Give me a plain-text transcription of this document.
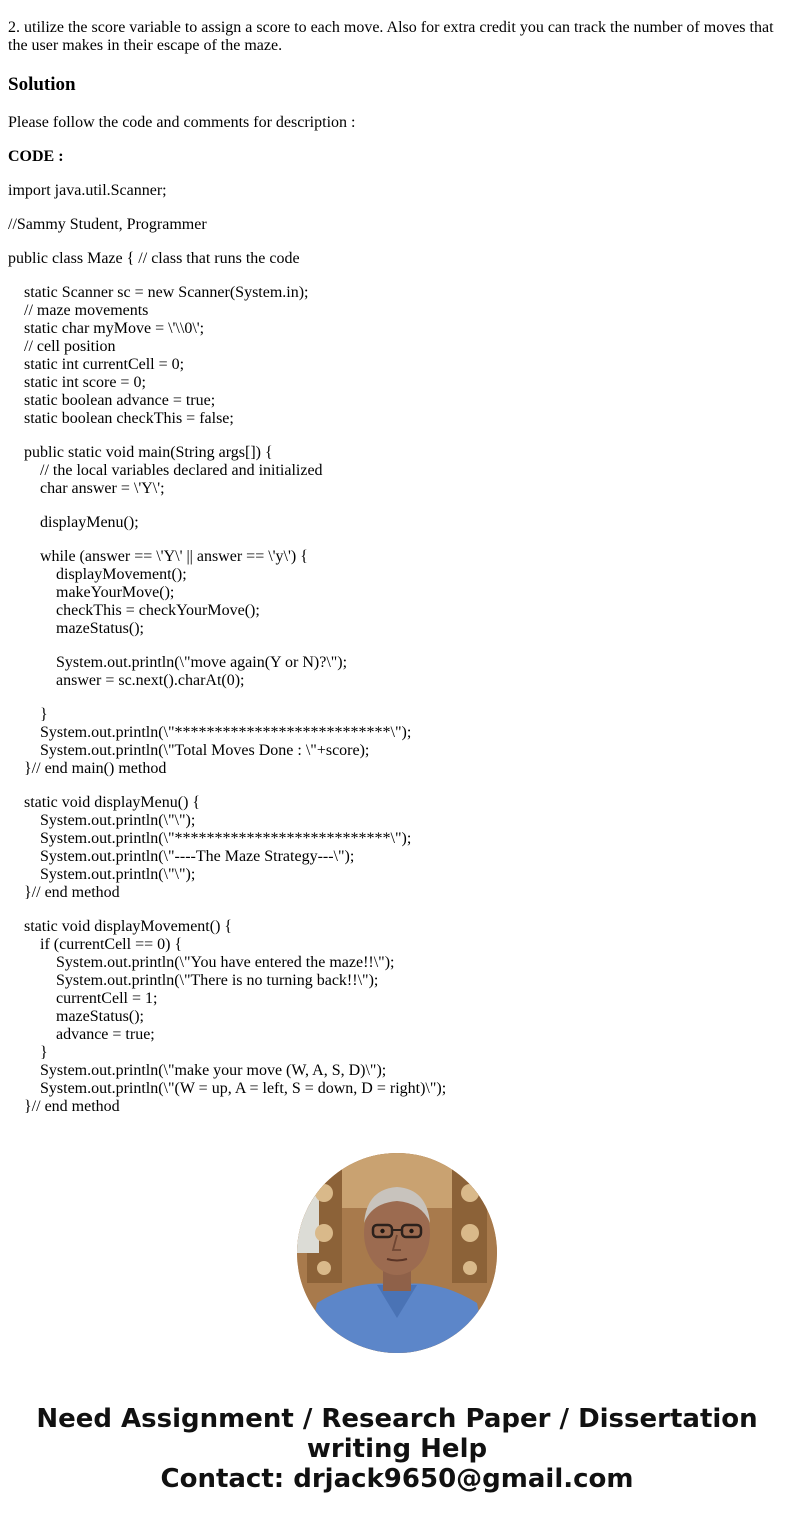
2. utilize the score variable to assign a score to each move. Also for extra credit you can track the number of moves that the user makes in their escape of the maze.

Solution

Please follow the code and comments for description :

CODE :

import java.util.Scanner;

//Sammy Student, Programmer

public class Maze { // class that runs the code

static Scanner sc = new Scanner(System.in);

// maze movements

static char myMove = \'\\0\';

// cell position

static int currentCell = 0;

static int score = 0;

static boolean advance = true;

static boolean checkThis = false;

public static void main(String args[]) {

// the local variables declared and initialized

char answer = \'Y\';

displayMenu();

while (answer == \'Y\' || answer == \'y\') {

displayMovement();

makeYourMove();

checkThis = checkYourMove();

mazeStatus();

System.out.println(\"move again(Y or N)?\");

answer = sc.next().charAt(0);

}

System.out.println(\"***************************\");

System.out.println(\"Total Moves Done : \"+score);

}// end main() method

static void displayMenu() {

System.out.println(\"\");

System.out.println(\"***************************\");

System.out.println(\"----The Maze Strategy---\");

System.out.println(\"\");

}// end method

static void displayMovement() {

if (currentCell == 0) {

System.out.println(\"You have entered the maze!!\");

System.out.println(\"There is no turning back!!\");

currentCell = 1;

mazeStatus();

advance = true;

}

System.out.println(\"make your move (W, A, S, D)\");

System.out.println(\"(W = up, A = left, S = down, D = right)\");

}// end method

Need Assignment / Research Paper / Dissertation
writing Help
Contact: drjack9650@gmail.com
